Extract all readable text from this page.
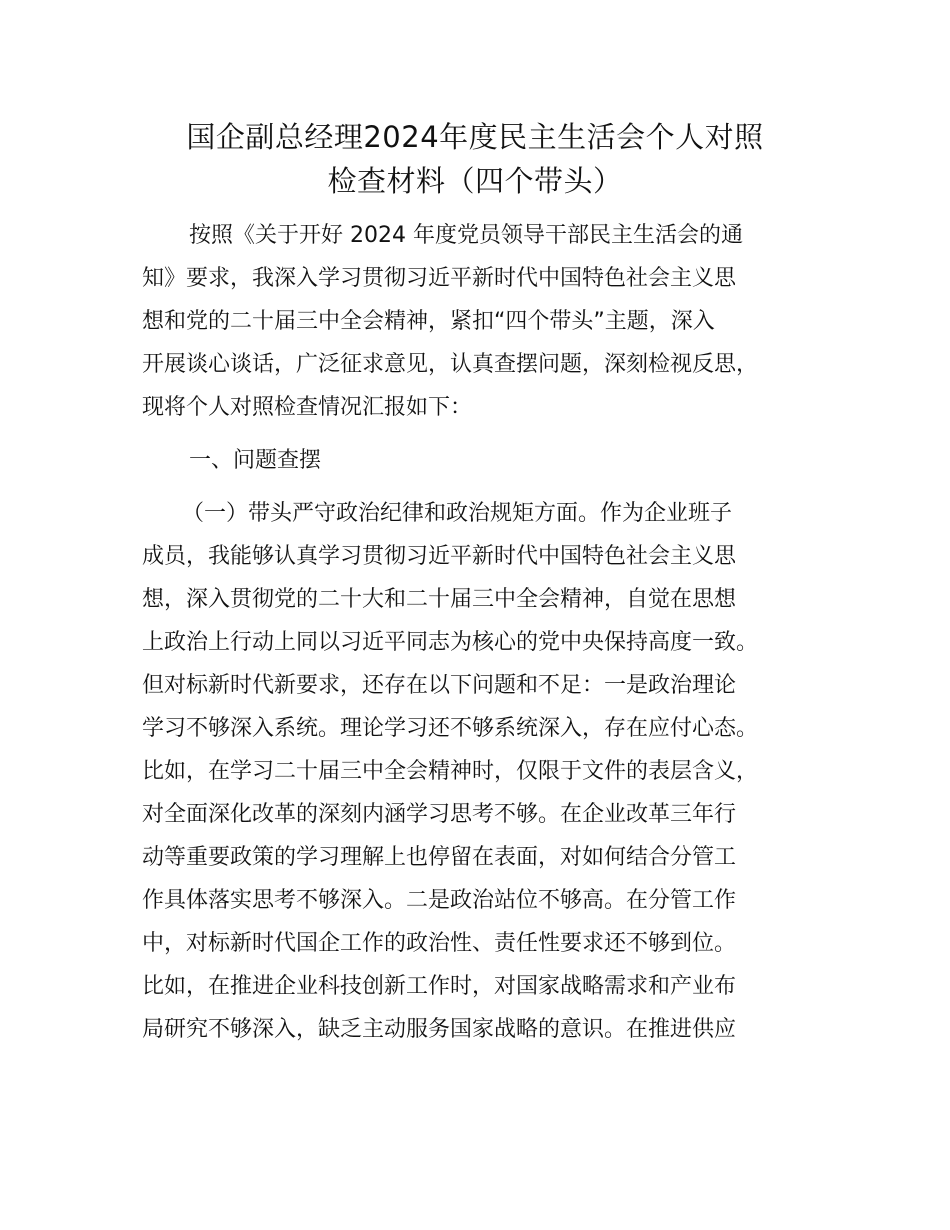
国企副总经理2024年度民主生活会个人对照
检查材料（四个带头）
按照《关于开好 2024 年度党员领导干部民主生活会的通
知》要求，我深入学习贯彻习近平新时代中国特色社会主义思
想和党的二十届三中全会精神，紧扣“四个带头”主题，深入
开展谈心谈话，广泛征求意见，认真查摆问题，深刻检视反思，
现将个人对照检查情况汇报如下：
一、问题查摆
（一）带头严守政治纪律和政治规矩方面。作为企业班子
成员，我能够认真学习贯彻习近平新时代中国特色社会主义思
想，深入贯彻党的二十大和二十届三中全会精神，自觉在思想
上政治上行动上同以习近平同志为核心的党中央保持高度一致。
但对标新时代新要求，还存在以下问题和不足：一是政治理论
学习不够深入系统。理论学习还不够系统深入，存在应付心态。
比如，在学习二十届三中全会精神时，仅限于文件的表层含义，
对全面深化改革的深刻内涵学习思考不够。在企业改革三年行
动等重要政策的学习理解上也停留在表面，对如何结合分管工
作具体落实思考不够深入。二是政治站位不够高。在分管工作
中，对标新时代国企工作的政治性、责任性要求还不够到位。
比如，在推进企业科技创新工作时，对国家战略需求和产业布
局研究不够深入，缺乏主动服务国家战略的意识。在推进供应
